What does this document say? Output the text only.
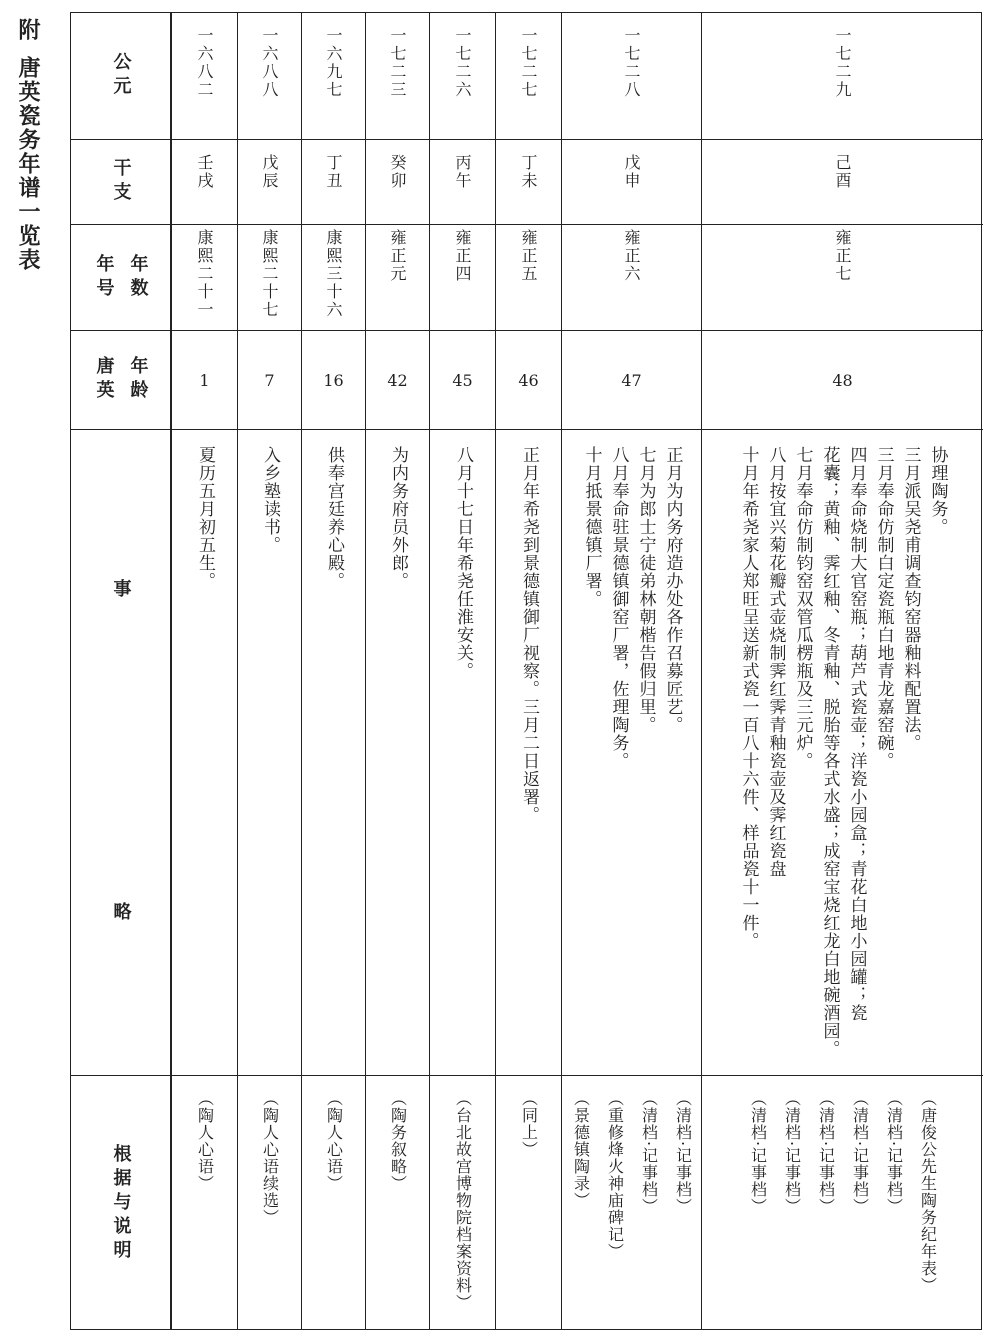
附唐英瓷务年谱一览表	公元
干支
年号 年数
唐英 年龄
事
略
根据与说明
一六八二
壬戌
康熙二十一
1
夏历五月初五生。
（陶人心语）
一六八八
戊辰
康熙二十七
7
入乡塾读书。
（陶人心语续选）
一六九七
丁丑
康熙三十六
16
供奉宫廷养心殿。
（陶人心语）
一七二三
癸卯
雍正元
42
为内务府员外郎。
（陶务叙略）
一七二六
丙午
雍正四
45
八月十七日年希尧任淮安关。
（台北故宫博物院档案资料）
一七二七
丁未
雍正五
46
正月年希尧到景德镇御厂视察。三月二日返署。
（同上）
一七二八
戊申
雍正六
47
正月为内务府造办处各作召募匠艺。
七月为郎士宁徒弟林朝楷告假归里。
八月奉命驻景德镇御窑厂署，佐理陶务。
十月抵景德镇厂署。
（清档·记事档）
（清档·记事档）
（重修烽火神庙碑记）
（景德镇陶录）
一七二九
己酉
雍正七
48
协理陶务。
三月派吴尧甫调查钧窑器釉料配置法。
三月奉命仿制白定瓷瓶白地青龙嘉窑碗。
四月奉命烧制大官窑瓶；葫芦式瓷壶；洋瓷小园盒；青花白地小园罐；瓷
花囊；黄釉、霁红釉、冬青釉、脱胎等各式水盛；成窑宝烧红龙白地碗酒园。
七月奉命仿制钧窑双管瓜楞瓶及三元炉。
八月按宜兴菊花瓣式壶烧制霁红霁青釉瓷壶及霁红瓷盘
十月年希尧家人郑旺呈送新式瓷一百八十六件、样品瓷十一件。
（唐俊公先生陶务纪年表）
（清档·记事档）
（清档·记事档）
（清档·记事档）
（清档·记事档）
（清档·记事档）
